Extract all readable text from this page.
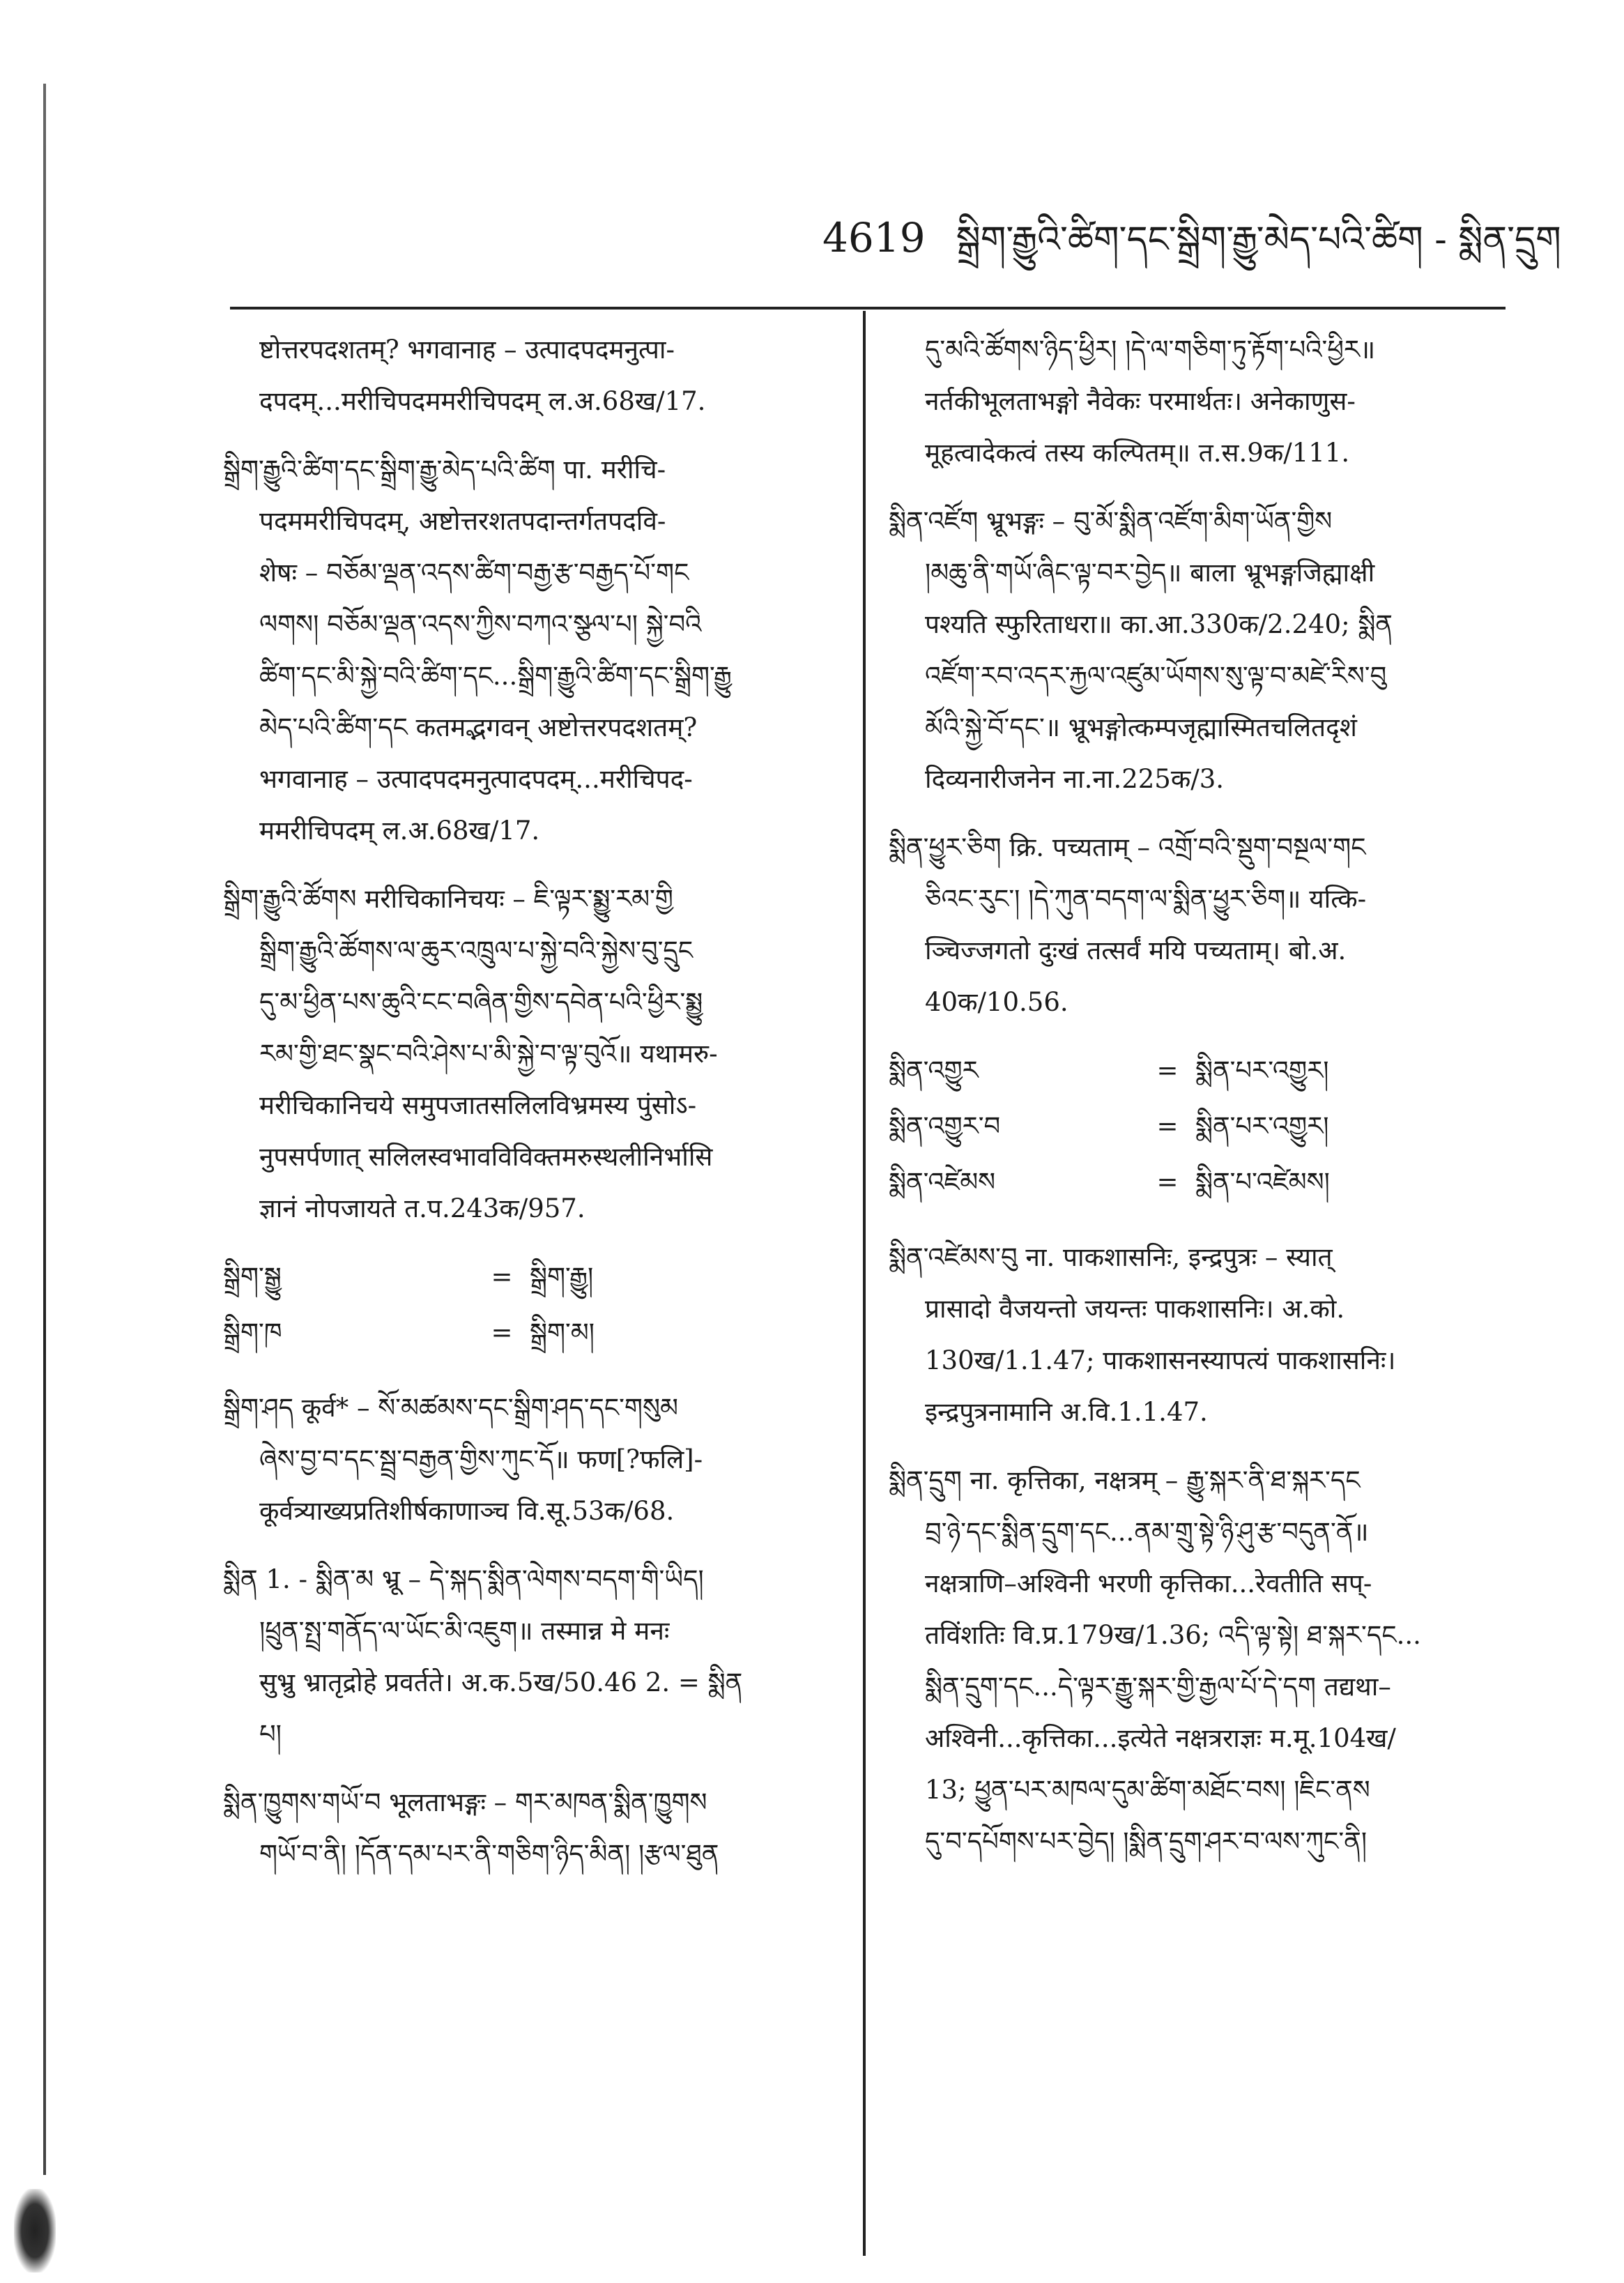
4619 སྒྲིག་རྒྱུའི་ཚིག་དང་སྒྲིག་རྒྱུ་མེད་པའི་ཚིག - སྨིན་དྲུག

ष्टोत्तरपदशतम्? भगवानाह – उत्पादपदमनुत्पा-

दपदम्...मरीचिपदममरीचिपदम् ल.अ.68ख/17.

སྒྲིག་རྒྱུའི་ཚིག་དང་སྒྲིག་རྒྱུ་མེད་པའི་ཚིག पा. मरीचि-

पदममरीचिपदम्, अष्टोत्तरशतपदान्तर्गतपदवि-

शेषः – བཅོམ་ལྡན་འདས་ཚིག་བརྒྱ་རྩ་བརྒྱད་པོ་གང

ལགས། བཅོམ་ལྡན་འདས་ཀྱིས་བཀའ་སྩལ་པ། སྐྱེ་བའི

ཚིག་དང་མི་སྐྱེ་བའི་ཚིག་དང...སྒྲིག་རྒྱུའི་ཚིག་དང་སྒྲིག་རྒྱུ

མེད་པའི་ཚིག་དང कतमद्भगवन् अष्टोत्तरपदशतम्?

भगवानाह – उत्पादपदमनुत्पादपदम्...मरीचिपद-

ममरीचिपदम् ल.अ.68ख/17.

སྒྲིག་རྒྱུའི་ཚོགས मरीचिकानिचयः – ཇི་ལྟར་སྨྱུ་རམ་གྱི

སྒྲིག་རྒྱུའི་ཚོགས་ལ་ཆུར་འཁྲུལ་པ་སྐྱེ་བའི་སྐྱེས་བུ་དྲུང

དུ་མ་ཕྱིན་པས་ཆུའི་ངང་བཞིན་གྱིས་དབེན་པའི་ཕྱིར་སྨྱུ

རམ་གྱི་ཐང་སྣང་བའི་ཤེས་པ་མི་སྐྱེ་བ་ལྟ་བུའོ॥ यथामरु-

मरीचिकानिचये समुपजातसलिलविभ्रमस्य पुंसोऽ-

नुपसर्पणात् सलिलस्वभावविविक्तमरुस्थलीनिर्भासि

ज्ञानं नोपजायते त.प.243क/957.

སྒྲིག་སྒྱུ	= སྒྲིག་རྒྱུ།
སྒྲིག་ཁ	= སྒྲིག་མ།

སྒྲིག་ཤད कूर्व* – སོ་མཚམས་དང་སྒྲིག་ཤད་དང་གསུམ

ཞེས་བྱ་བ་དང་སྦྲ་བརྒྱན་གྱིས་ཀུང་དོ॥ फण[?फलि]-

कूर्वत्र्याख्यप्रतिशीर्षकाणाञ्च वि.सू.53क/68.

སྨིན 1. - སྨིན་མ भ्रू – དེ་སྐད་སྨིན་ལེགས་བདག་གི་ཡིད།

།ཕྲུན་སྤྲ་གནོད་ལ་ཡོང་མི་འཇུག॥ तस्मान्न मे मनः

सुभ्रु भ्रातृद्रोहे प्रवर्तते। अ.क.5ख/50.46 2. = སྨིན

པ།

སྨིན་ཁྱུགས་གཡོ་བ भूलताभङ्गः – གར་མཁན་སྨིན་ཁྱུགས

གཡོ་བ་ནི། །དོན་དམ་པར་ནི་གཅིག་ཉིད་མིན། །རྩལ་ཐུན

དུ་མའི་ཚོགས་ཉིད་ཕྱིར། །དེ་ལ་གཅིག་ཏུ་རྟོག་པའི་ཕྱིར॥

नर्तकीभूलताभङ्गो नैवेकः परमार्थतः। अनेकाणुस-

मूहत्वादेकत्वं तस्य कल्पितम्॥ त.स.9क/111.

སྨིན་འཛོག भ्रूभङ्गः – བུ་མོ་སྨིན་འཛོག་མིག་ཡོན་གྱིས

།མཆུ་ནི་གཡོ་ཞིང་ལྟ་བར་བྱེད॥ बाला भ्रूभङ्गजिह्माक्षी

पश्यति स्फुरिताधरा॥ का.आ.330क/2.240; སྨིན

འཛོག་རབ་འདར་རྐྱལ་འཛུམ་ཡོགས་སུ་ལྟ་བ་མཛེ་རིས་བུ

མོའི་སྐྱེ་བོ་དང་॥ भ्रूभङ्गोत्कम्पजृह्मास्मितचलितदृशं

दिव्यनारीजनेन ना.ना.225क/3.

སྨིན་ཕྱུར་ཅིག क्रि. पच्यताम् – འགྲོ་བའི་སྡུག་བསྔལ་གང

ཅིའང་རུང་། །དེ་ཀུན་བདག་ལ་སྨིན་ཕྱུར་ཅིག॥ यत्कि-

ञ्चिज्जगतो दुःखं तत्सर्वं मयि पच्यताम्। बो.अ.

40क/10.56.

སྨིན་འགྱུར	= སྨིན་པར་འགྱུར།
སྨིན་འགྱུར་བ	= སྨིན་པར་འགྱུར།
སྨིན་འཛེམས	= སྨིན་པ་འཛེམས།

སྨིན་འཛེམས་བུ ना. पाकशासनिः, इन्द्रपुत्रः – स्यात्

प्रासादो वैजयन्तो जयन्तः पाकशासनिः। अ.को.

130ख/1.1.47; पाकशासनस्यापत्यं पाकशासनिः।

इन्द्रपुत्रनामानि अ.वि.1.1.47.

སྨིན་དྲུག ना. कृत्तिका, नक्षत्रम् – རྒྱུ་སྐར་ནི་ཐ་སྐར་དང

བྲ་ཉེ་དང་སྨིན་དྲུག་དང...ནམ་གྲུ་སྟེ་ཉི་ཤུ་རྩ་བདུན་ནོ॥

नक्षत्राणि–अश्विनी भरणी कृत्तिका...रेवतीति सप्-

तविंशतिः वि.प्र.179ख/1.36; འདི་ལྟ་སྟེ། ཐ་སྐར་དང...

སྨིན་དྲུག་དང...དེ་ལྟར་རྒྱུ་སྐར་གྱི་རྒྱལ་པོ་དེ་དག तद्यथा–

अश्विनी...कृत्तिका...इत्येते नक्षत्रराज्ञः म.मू.104ख/

13; ཕྱུན་པར་མཁལ་དུམ་ཚིག་མཐོང་བས། །ཇིང་ནས

དུ་བ་དཔོགས་པར་བྱེད། །སྨིན་དྲུག་ཤར་བ་ལས་ཀུང་ནི།
